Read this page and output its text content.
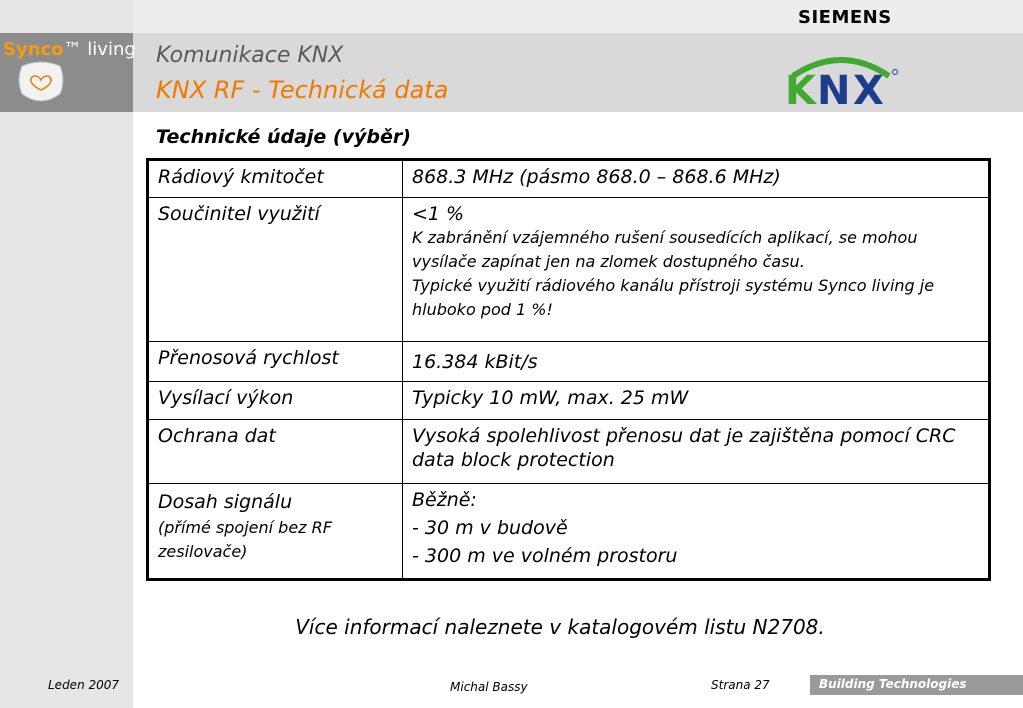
SIEMENS
Synco™ living Komunikace KNX
KNX RF - Technická data	K N X
Technické údaje (výběr)
Rádiový kmitočet	868.3 MHz (pásmo 868.0 – 868.6 MHz)
Součinitel využití	<1 %
K zabránění vzájemného rušení sousedících aplikací, se mohou vysílače zapínat jen na zlomek dostupného času.
Typické využití rádiového kanálu přístroji systému Synco living je hluboko pod 1 %!

Přenosová rychlost	16.384 kBit/s
Vysílací výkon	Typicky 10 mW, max. 25 mW
Ochrana dat	Vysoká spolehlivost přenosu dat je zajištěna pomocí CRC data block protection

Dosah signálu
(přímé spojení bez RF zesilovače)	Běžně:
- 30 m v budově
- 300 m ve volném prostoru
Více informací naleznete v katalogovém listu N2708.
Leden 2007	Michal Bassy	Strana 27	Building Technologies
